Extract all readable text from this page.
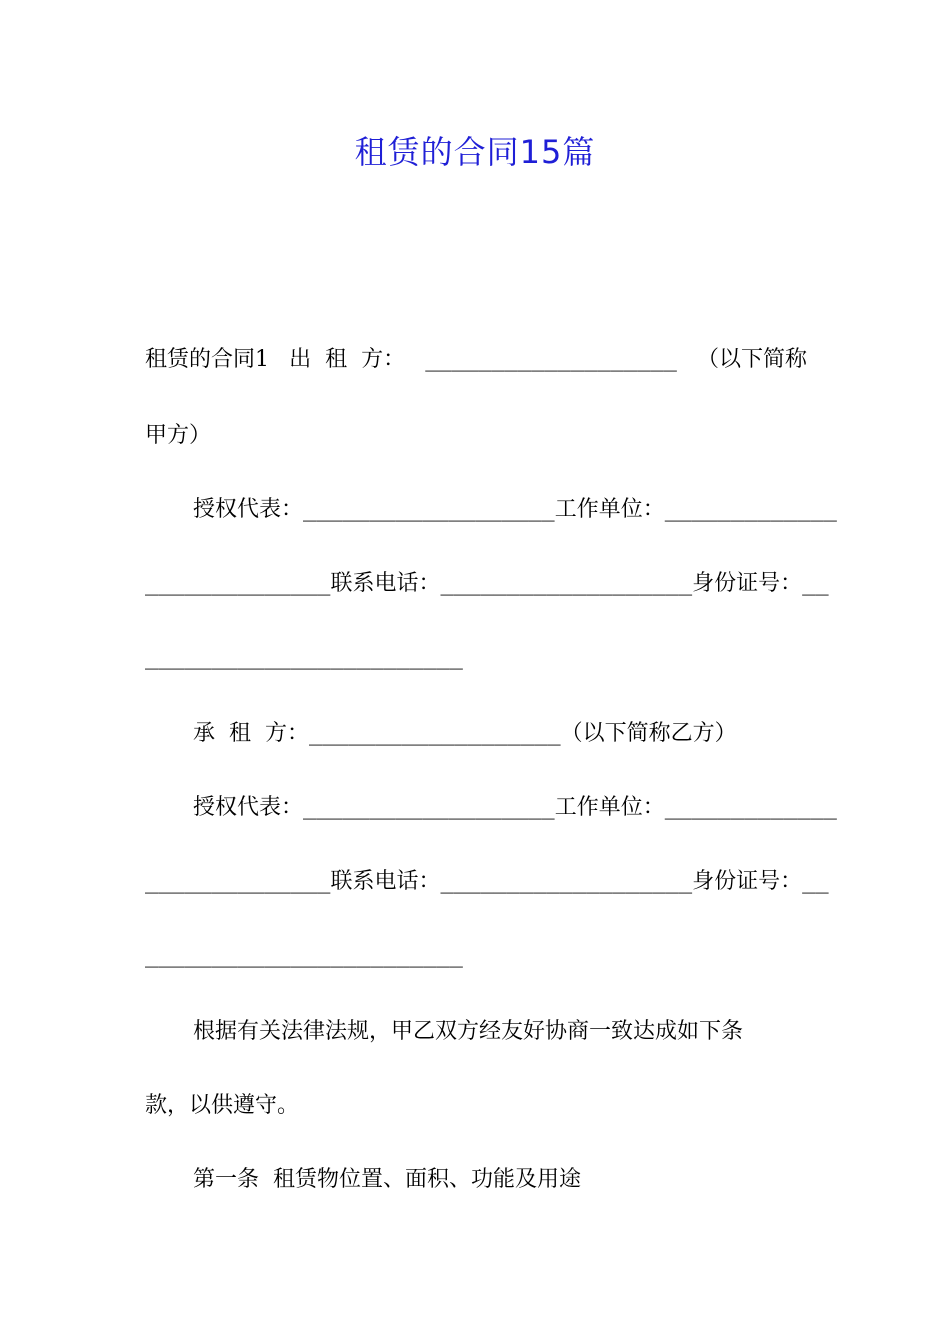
租赁的合同15篇
租赁的合同1 出  租  方： ___________________ （以下简称
甲方）
授权代表： ___________________ 工作单位： _____________
______________ 联系电话： ___________________ 身份证号： __
________________________
承  租  方：___________________（以下简称乙方）
授权代表： ___________________ 工作单位： _____________
______________ 联系电话： ___________________ 身份证号： __
________________________
根据有关法律法规，甲乙双方经友好协商一致达成如下条
款，以供遵守。
第一条  租赁物位置、面积、功能及用途
